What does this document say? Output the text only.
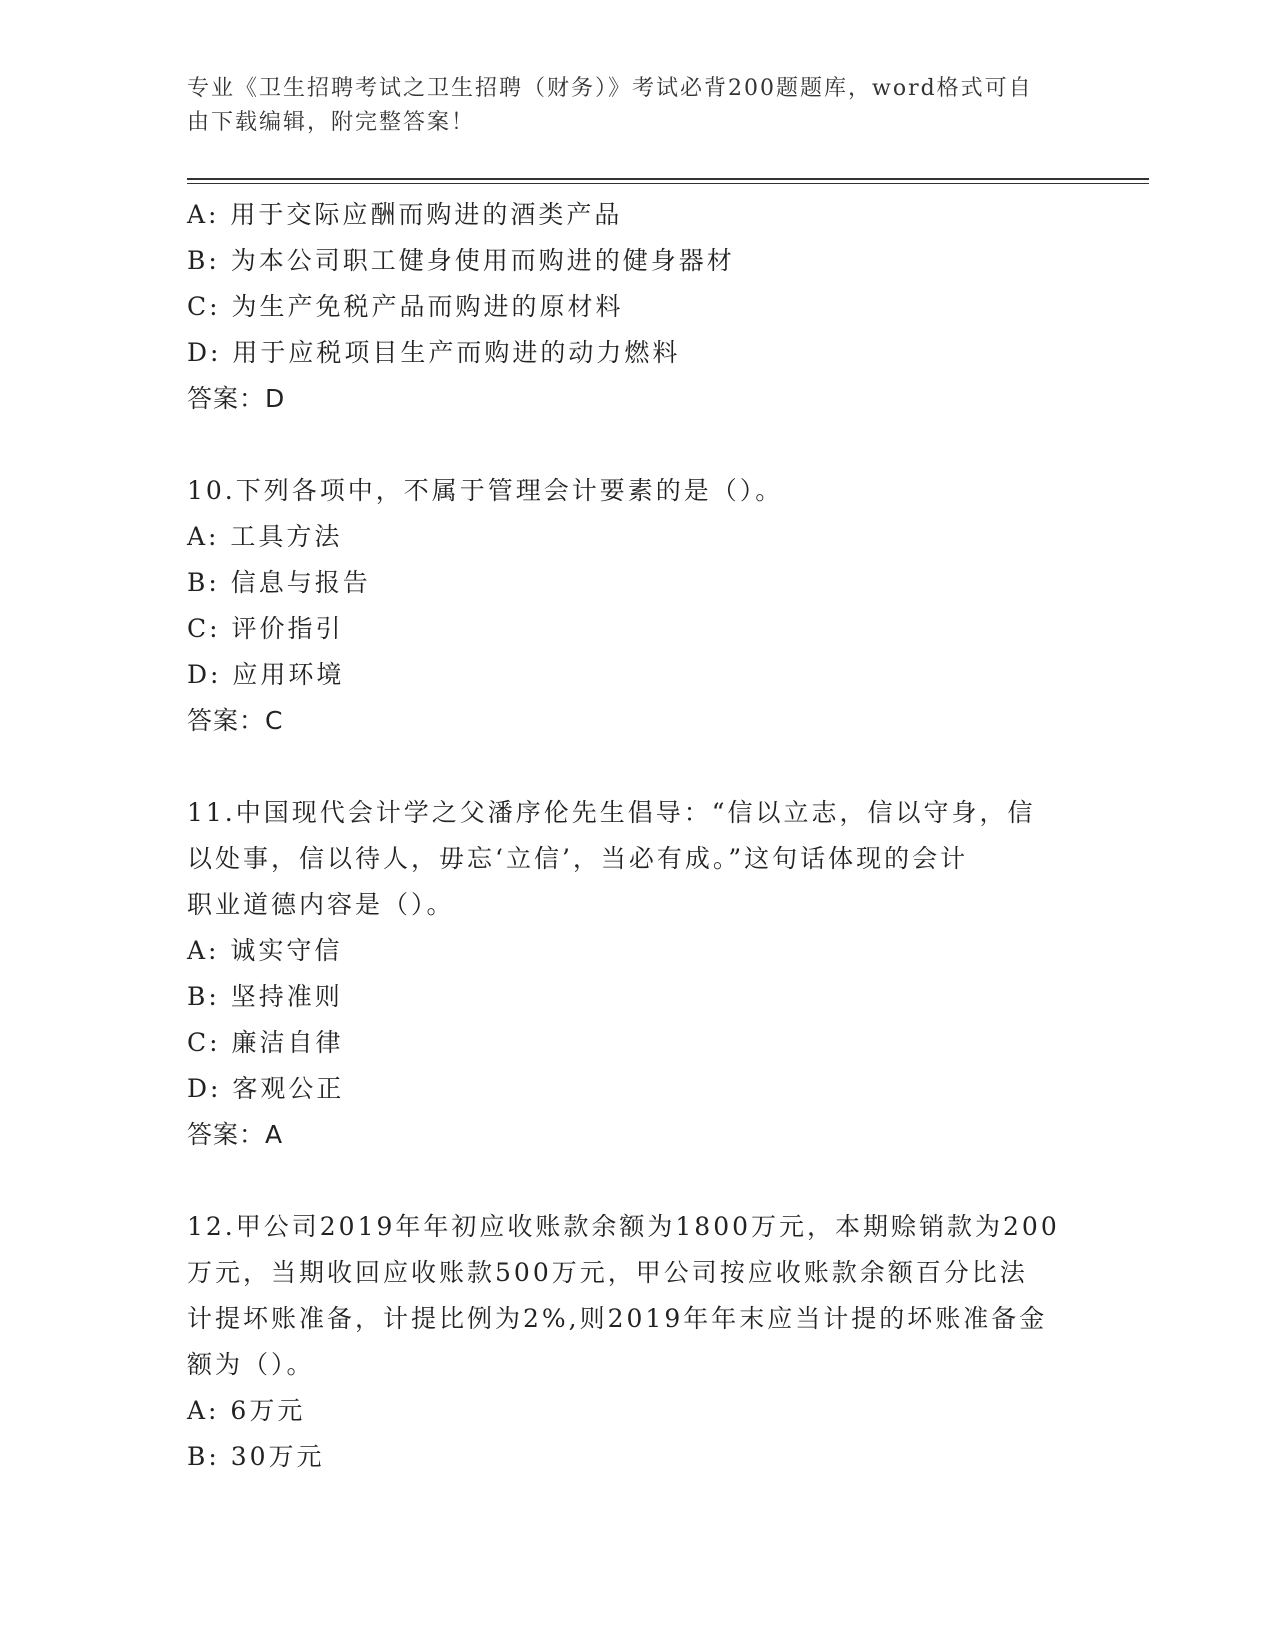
专业《卫生招聘考试之卫生招聘（财务）》考试必背200题题库，word格式可自
由下载编辑，附完整答案！
A: 用于交际应酬而购进的酒类产品
B: 为本公司职工健身使用而购进的健身器材
C: 为生产免税产品而购进的原材料
D: 用于应税项目生产而购进的动力燃料
答案：D
10.下列各项中，不属于管理会计要素的是（）。
A: 工具方法
B: 信息与报告
C: 评价指引
D: 应用环境
答案：C
11.中国现代会计学之父潘序伦先生倡导：“信以立志，信以守身，信
以处事，信以待人，毋忘‘立信’，当必有成。”这句话体现的会计
职业道德内容是（）。
A: 诚实守信
B: 坚持准则
C: 廉洁自律
D: 客观公正
答案：A
12.甲公司2019年年初应收账款余额为1800万元，本期赊销款为200
万元，当期收回应收账款500万元，甲公司按应收账款余额百分比法
计提坏账准备，计提比例为2%,则2019年年末应当计提的坏账准备金
额为（）。
A: 6万元
B: 30万元
